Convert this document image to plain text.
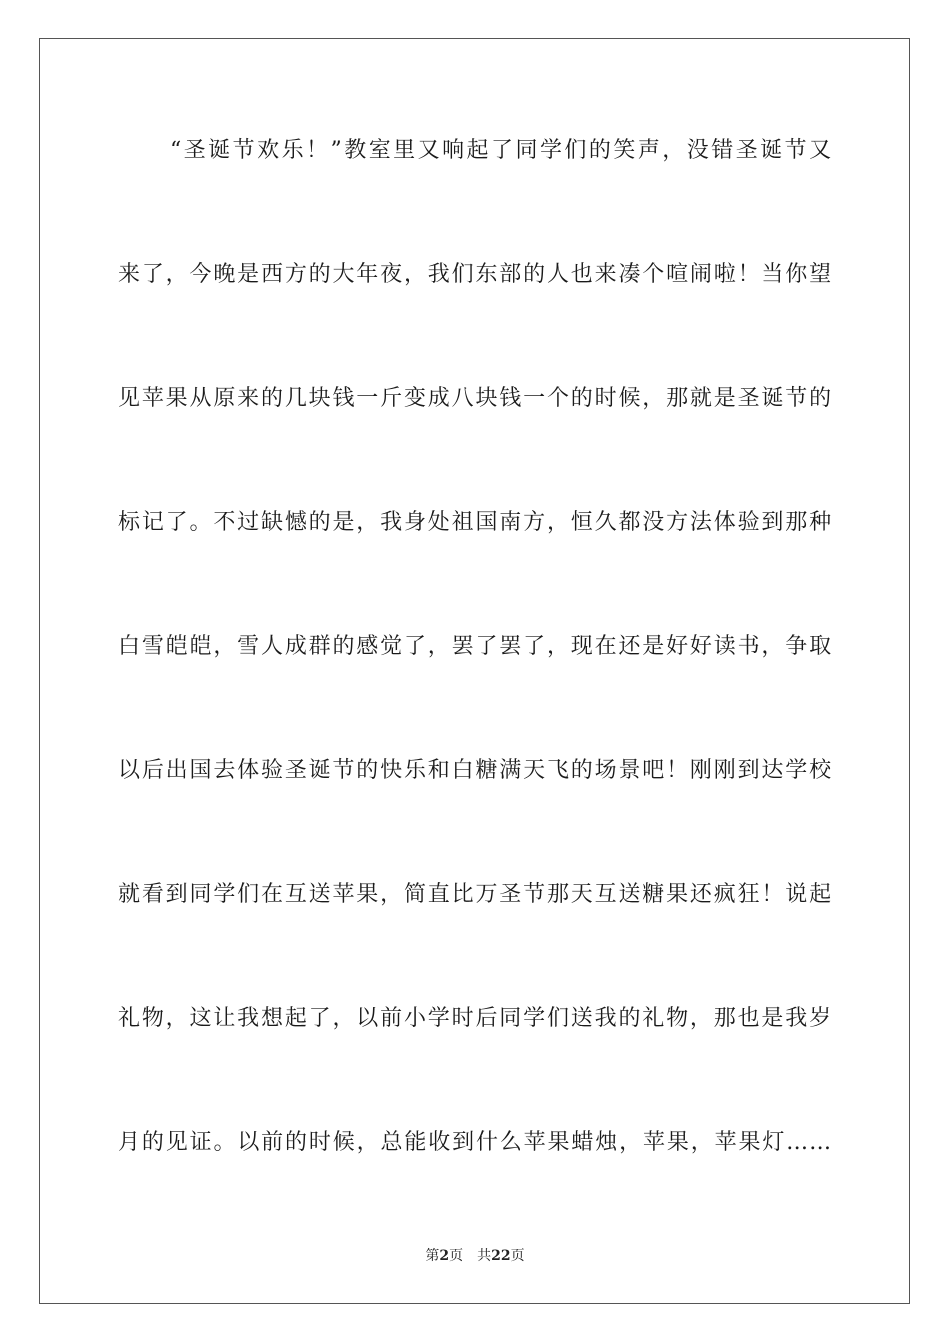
“圣诞节欢乐！”教室里又响起了同学们的笑声，没错圣诞节又
来了，今晚是西方的大年夜，我们东部的人也来凑个喧闹啦！当你望
见苹果从原来的几块钱一斤变成八块钱一个的时候，那就是圣诞节的
标记了。不过缺憾的是，我身处祖国南方，恒久都没方法体验到那种
白雪皑皑，雪人成群的感觉了，罢了罢了，现在还是好好读书，争取
以后出国去体验圣诞节的快乐和白糖满天飞的场景吧！刚刚到达学校
就看到同学们在互送苹果，简直比万圣节那天互送糖果还疯狂！说起
礼物，这让我想起了，以前小学时后同学们送我的礼物，那也是我岁
月的见证。以前的时候，总能收到什么苹果蜡烛，苹果，苹果灯……
第2页 共22页
